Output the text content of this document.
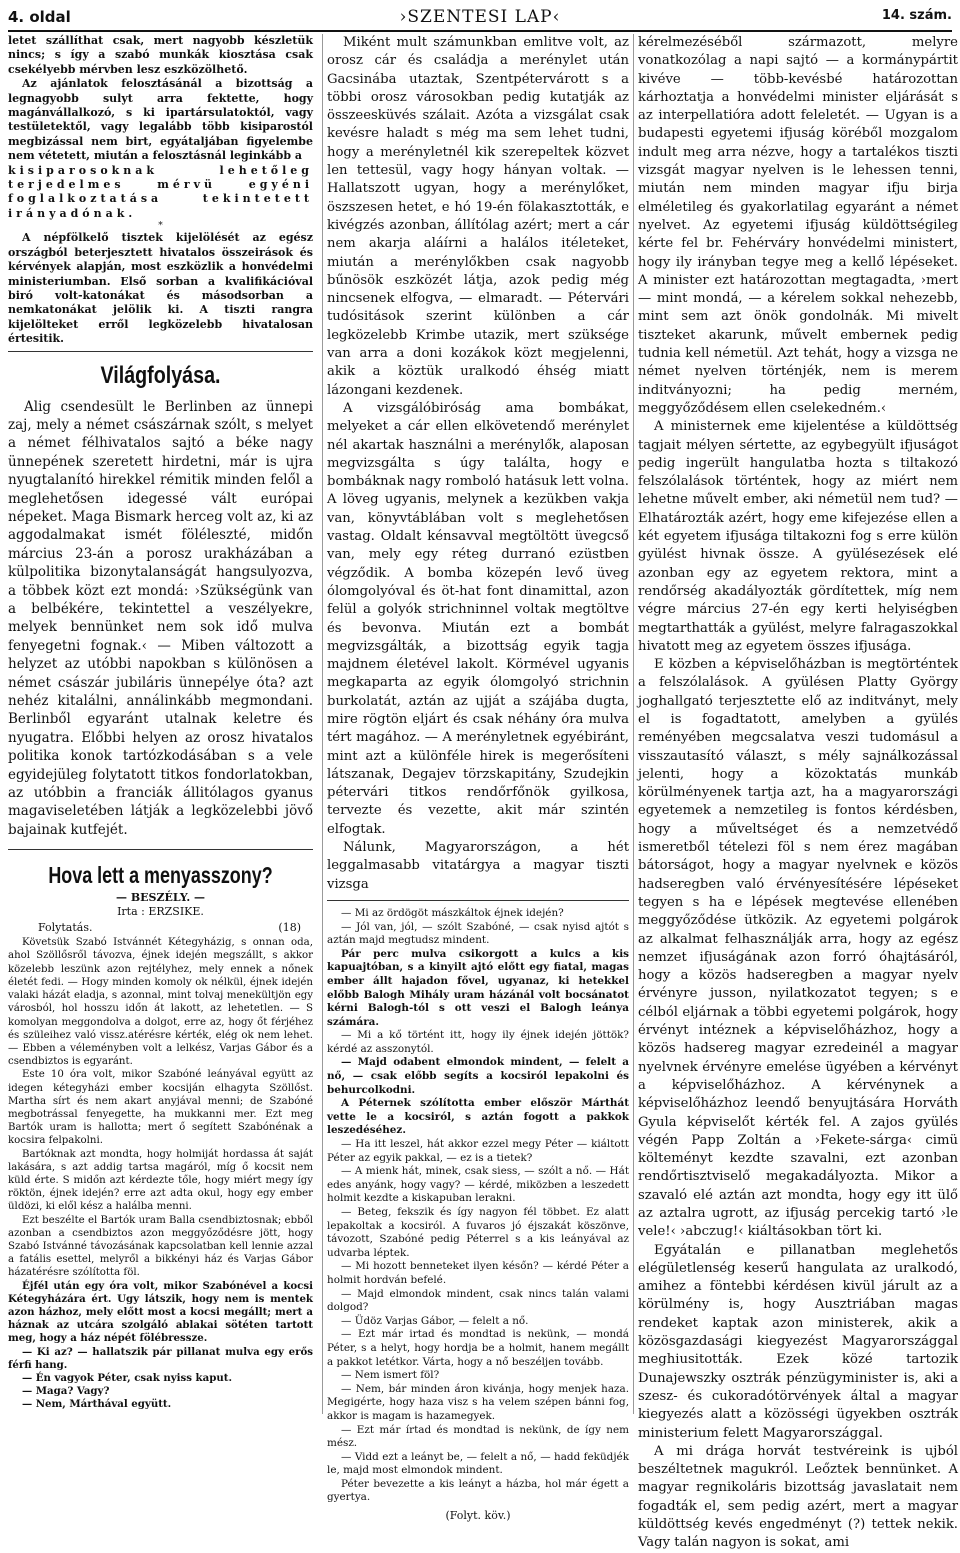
4. oldal	›SZENTESI LAP‹	14. szám.

letet szállíthat csak, mert nagyobb készletük nincs; s így a szabó munkák kiosztása csak csekélyebb mérvben lesz eszközölhető.

Az ajánlatok felosztásánál a bizottság a legnagyobb sulyt arra fektette, hogy magánvállalkozó, s ki ipartársulatoktól, vagy testületektől, vagy legalább több kisiparostól megbizással nem birt, egyátaljában figyelembe nem vétetett, miután a felosztásnál leginkább a

kisiparosoknak lehetőleg terjedelmes mérvü egyéni foglalkoztatása tekintetett irányadónak.

*

A népfölkelő tisztek kijelölését az egész országból beterjesztett hivatalos összeirások és kérvények alapján, most eszközlik a honvédelmi ministeriumban. Első sorban a kvalifikációval biró volt-katonákat és másodsorban a nemkatonákat jelölik ki. A tiszti rangra kijelölteket erről legközelebb hivatalosan értesitik.

Világfolyása.

Alig csendesült le Berlinben az ünnepi zaj, mely a német császárnak szólt, s melyet a német félhivatalos sajtó a béke nagy ünnepének szeretett hirdetni, már is ujra nyugtalanító hirekkel rémitik minden felől a meglehetősen idegessé vált európai népeket. Maga Bismark herceg volt az, ki az aggodalmakat ismét föléleszté, midőn március 23-án a porosz urakházában a külpolitika bizonytalanságát hangsulyozva, a többek közt ezt mondá: ›Szükségünk van a belbékére, tekintettel a veszélyekre, melyek bennünket nem sok idő mulva fenyegetni fognak.‹ — Miben változott a helyzet az utóbbi napokban s különösen a német császár jubiláris ünnepélye óta? azt nehéz kitalálni, annálinkább megmondani. Berlinből egyaránt utalnak keletre és nyugatra. Előbbi helyen az orosz hivatalos politika konok tartózkodásában s a vele egyidejüleg folytatott titkos fondorlatokban, az utóbbin a franciák állitólagos gyanus magaviseletében látják a legközelebbi jövő bajainak kutfejét.

Hova lett a menyasszony?

— BESZÉLY. —

Irta : ERZSIKE.

Folytatás.	(18)

Követsük Szabó Istvánnét Kétegyházig, s onnan oda, ahol Szöllősről távozva, éjnek idején megszállt, s akkor közelebb leszünk azon rejtélyhez, mely ennek a nőnek életét fedi. — Hogy minden komoly ok nélkül, éjnek idején valaki házát eladja, s azonnal, mint tolvaj menekültjön egy városból, hol hosszu időn át lakott, az lehetetlen. — S komolyan meggondolva a dolgot, erre az, hogy őt férjéhez és szüleihez való vissz.atérésre kérték, elég ok nem lehet. — Ebben a véleményben volt a lelkész, Varjas Gábor és a csendbiztos is egyaránt.

Este 10 óra volt, mikor Szabóné leányával együtt az idegen kétegyházi ember kocsiján elhagyta Szöllőst. Martha sírt és nem akart anyjával menni; de Szabóné megbotrással fenyegette, ha mukkanni mer. Ezt meg Bartók uram is hallotta; mert ő segített Szabónénak a kocsira felpakolni.

Bartóknak azt mondta, hogy holmiját hordassa át saját lakására, s azt addig tartsa magáról, míg ő kocsit nem küld érte. S midőn azt kérdezte tőle, hogy miért megy így röktön, éjnek idején? erre azt adta okul, hogy egy ember üldözi, ki elől kész a halálba menni.

Ezt beszélte el Bartók uram Balla csendbiztosnak; ebből azonban a csendbiztos azon meggyőződésre jött, hogy Szabó Istvánné távozásának kapcsolatban kell lennie azzal a fatális esettel, melyről a bikkényi ház és Varjas Gábor házatérésre szólította föl.

Éjfél után egy óra volt, mikor Szabónével a kocsi Kétegyházára ért. Ugy látszik, hogy nem is mentek azon házhoz, mely előtt most a kocsi megállt; mert a háznak az utcára szolgáló ablakai sötéten tartott meg, hogy a ház népét fölébressze.

— Ki az? — hallatszik pár pillanat mulva egy erős férfi hang.

— Én vagyok Péter, csak nyiss kaput.

— Maga? Vagy?

— Nem, Márthával együtt.

Miként mult számunkban emlitve volt, az orosz cár és családja a merénylet után Gacsinába utaztak, Szentpétervárott s a többi orosz városokban pedig kutatják az összeesküvés szálait. Azóta a vizsgálat csak kevésre haladt s még ma sem lehet tudni, hogy a merényletnél kik szerepeltek közvet len tettesül, vagy hogy hányan voltak. — Hallatszott ugyan, hogy a merénylőket, öszszesen hetet, e hó 19-én fölakasztották, e kivégzés azonban, állítólag azért; mert a cár nem akarja aláírni a halálos itéleteket, miután a merénylőkben csak nagyobb bűnösök eszközét látja, azok pedig még nincsenek elfogva, — elmaradt. — Pétervári tudósitások szerint különben a cár legközelebb Krimbe utazik, mert szüksége van arra a doni kozákok közt megjelenni, akik a köztük uralkodó éhség miatt lázongani kezdenek.

A vizsgálóbiróság ama bombákat, melyeket a cár ellen elkövetendő merénylet nél akartak használni a merénylők, alaposan megvizsgálta s úgy találta, hogy e bombáknak nagy romboló hatásuk lett volna. A löveg ugyanis, melynek a kezükben vakja van, könyvtáblában volt s meglehetősen vastag. Oldalt kénsavval megtöltött üvegcső van, mely egy réteg durranó ezüstben végződik. A bomba közepén levő üveg ólomgolyóval és öt-hat font dinamittal, azon felül a golyók strichninnel voltak megtöltve és bevonva. Miután ezt a bombát megvizsgálták, a bizottság egyik tagja majdnem életével lakolt. Körmével ugyanis megkaparta az egyik ólomgolyó strichnin burkolatát, aztán az ujját a szájába dugta, mire rögtön eljárt és csak néhány óra mulva tért magához. — A merényletnek egyébiránt, mint azt a különféle hirek is megerősíteni látszanak, Degajev törzskapitány, Szudejkin pétervári titkos rendőrfőnök gyilkosa, tervezte és vezette, akit már szintén elfogtak.

Nálunk, Magyarországon, a hét leggalmasabb vitatárgya a magyar tiszti vizsga

— Mi az ördögöt mászkáltok éjnek idején?

— Jól van, jól, — szólt Szabóné, — csak nyisd ajtót s aztán majd megtudsz mindent.

Pár perc mulva csikorgott a kulcs a kis kapuajtóban, s a kinyilt ajtó előtt egy fiatal, magas ember állt hajadon fővel, ugyanaz, ki hetekkel előbb Balogh Mihály uram házánál volt bocsánatot kérni Balogh-tól s ott veszi el Balogh leánya számára.

— Mi a kő történt itt, hogy ily éjnek idején jöttök? kérdé az asszonytól.

— Majd odabent elmondok mindent, — felelt a nő, — csak előbb segíts a kocsiról lepakolni és behurcolkodni.

A Péternek szólította ember először Márthát vette le a kocsiról, s aztán fogott a pakkok leszedéséhez.

— Ha itt leszel, hát akkor ezzel megy Péter — kiáltott Péter az egyik pakkal, — ez is a tietek?

— A mienk hát, minek, csak siess, — szólt a nő. — Hát edes anyánk, hogy vagy? — kérdé, miközben a leszedett holmit kezdte a kiskapuban lerakni.

— Beteg, fekszik és így nagyon fél többet. Ez alatt lepakoltak a kocsiról. A fuvaros jó éjszakát köszönve, távozott, Szabóné pedig Péterrel s a kis leányával az udvarba léptek.

— Mi hozott benneteket ilyen későn? — kérdé Péter a holmit hordván befelé.

— Majd elmondok mindent, csak nincs talán valami dolgod?

— Üdöz Varjas Gábor, — felelt a nő.

— Ezt már irtad és mondtad is nekünk, — mondá Péter, s a helyt, hogy hordja be a holmit, hanem megállt a pakkot letétkor. Várta, hogy a nő beszéljen tovább.

— Nem ismert föl?

— Nem, bár minden áron kivánja, hogy menjek haza. Megigérte, hogy haza visz s ha velem szépen bánni fog, akkor is magam is hazamegyek.

— Ezt már írtad és mondtad is nekünk, de így nem mész.

— Vidd ezt a leányt be, — felelt a nő, — hadd feküdjék le, majd most elmondok mindent.

Péter bevezette a kis leányt a házba, hol már égett a gyertya.

(Folyt. köv.)

kérelmezéséből származott, melyre vonatkozólag a napi sajtó — a kormánypártit kivéve — több-kevésbé határozottan kárhoztatja a honvédelmi minister eljárását s az interpellatióra adott feleletét. — Ugyan is a budapesti egyetemi ifjuság köréből mozgalom indult meg arra nézve, hogy a tartalékos tiszti vizsgát magyar nyelven is le lehessen tenni, miután nem minden magyar ifju birja elméletileg és gyakorlatilag egyaránt a német nyelvet. Az egyetemi ifjuság küldöttségileg kérte fel br. Fehérváry honvédelmi ministert, hogy ily irányban tegye meg a kellő lépéseket. A minister ezt határozottan megtagadta, ›mert — mint mondá, — a kérelem sokkal nehezebb, mint sem azt önök gondolnák. Mi mivelt tiszteket akarunk, művelt embernek pedig tudnia kell németül. Azt tehát, hogy a vizsga ne német nyelven történjék, nem is merem inditványozni; ha pedig merném, meggyőződésem ellen cselekedném.‹

A ministernek eme kijelentése a küldöttség tagjait mélyen sértette, az egybegyült ifjuságot pedig ingerült hangulatba hozta s tiltakozó felszólalások történtek, hogy az miért nem lehetne művelt ember, aki németül nem tud? — Elhatározták azért, hogy eme kifejezése ellen a két egyetem ifjusága tiltakozni fog s erre külön gyülést hivnak össze. A gyülésezések elé azonban egy az egyetem rektora, mint a rendőrség akadályozták gördítettek, míg nem végre március 27-én egy kerti helyiségben megtarthatták a gyülést, melyre falragaszokkal hivatott meg az egyetem összes ifjusága.

E közben a képviselőházban is megtörténtek a felszólalások. A gyülésen Platty György joghallgató terjesztette elő az inditványt, mely el is fogadtatott, amelyben a gyülés reményében megcsalatva veszi tudomásul a visszautasító választ, s mély sajnálkozással jelenti, hogy a közoktatás munkáb körülményenek tartja azt, ha a magyarországi egyetemek a nemzetileg is fontos kérdésben, hogy a műveltséget és a nemzetvédő ismeretből tételezi föl s nem érez magában bátorságot, hogy a magyar nyelvnek e közös hadseregben való érvényesítésére lépéseket tegyen s ha e lépések megtevése ellenében meggyőződése ütközik. Az egyetemi polgárok az alkalmat felhasználják arra, hogy az egész nemzet ifjuságának azon forró óhajtásáról, hogy a közös hadseregben a magyar nyelv érvényre jusson, nyilatkozatot tegyen; s e célból eljárnak a többi egyetemi polgárok, hogy érvényt intéznek a képviselőházhoz, hogy a közös hadsereg magyar ezredeinél a magyar nyelvnek érvényre emelése ügyében a kérvényt a képviselőházhoz. A kérvénynek a képviselőházhoz leendő benyujtására Horváth Gyula képviselőt kérték fel. A zajos gyülés végén Papp Zoltán a ›Fekete-sárga‹ cimü költeményt kezdte szavalni, ezt azonban rendőrtisztviselő megakadályozta. Mikor a szavaló elé aztán azt mondta, hogy egy itt ülő az aztalra ugrott, az ifjuság percekig tartó ›le vele!‹ ›abczug!‹ kiáltásokban tört ki.

Egyátalán e pillanatban meglehetős elégületlenség keserű hangulata az uralkodó, amihez a föntebbi kérdésen kivül járult az a körülmény is, hogy Ausztriában magas rendeket kaptak azon ministerek, akik a közösgazdasági kiegyezést Magyarországgal meghiusitották. Ezek közé tartozik Dunajewszky osztrák pénzügyminister is, aki a szesz- és cukoradótörvények által a magyar kiegyezés alatt a közösségi ügyekben osztrák ministerium felett Magyarországgal.

A mi drága horvát testvéreink is ujból beszéltetnek magukról. Leőztek bennünket. A magyar regnikoláris bizottság javaslatait nem fogadták el, sem pedig azért, mert a magyar küldöttség kevés engedményt (?) tettek nekik. Vagy talán nagyon is sokat, ami
